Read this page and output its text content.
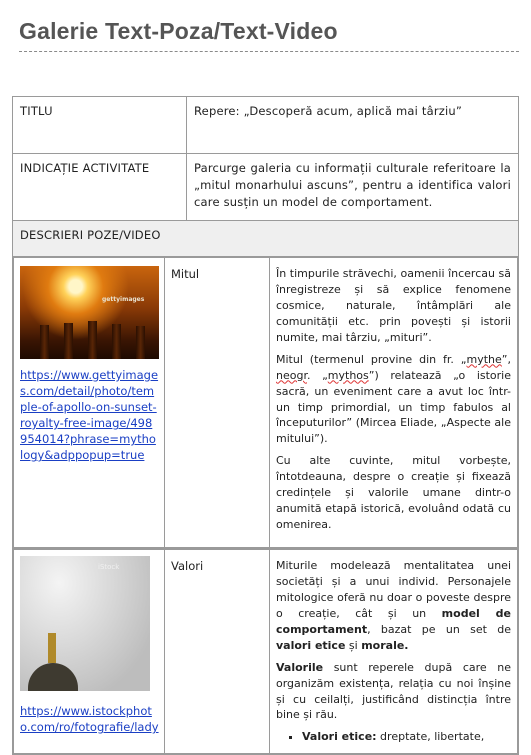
Galerie Text-Poza/Text-Video
TITLU	Repere: „Descoperă acum, aplică mai târziu”
INDICAȚIE ACTIVITATE	Parcurge galeria cu informații culturale referitoare la „mitul monarhului ascuns”, pentru a identifica valori care susțin un model de comportament.
DESCRIERI POZE/VIDEO

gettyimages
https://www.gettyimages.com/detail/photo/temple-of-apollo-on-sunset-royalty-free-image/498954014?phrase=mythology&adppopup=true
	Mitul	În timpurile străvechi, oamenii încercau să înregistreze și să explice fenomene cosmice, naturale, întâmplări ale comunității etc. prin povești și istorii numite, mai târziu, „mituri”.

Mitul (termenul provine din fr. „mythe”, neogr. „mythos”) relatează „o istorie sacră, un eveniment care a avut loc într-un timp primordial, un timp fabulos al începuturilor” (Mircea Eliade, „Aspecte ale mitului”).

Cu alte cuvinte, mitul vorbește, întotdeauna, despre o creație și fixează credințele și valorile umane dintr-o anumită etapă istorică, evoluând odată cu omenirea.

iStock
https://www.istockphoto.com/ro/fotografie/lady
	Valori	Miturile modelează mentalitatea unei societăți și a unui individ. Personajele mitologice oferă nu doar o poveste despre o creație, cât și un model de comportament, bazat pe un set de valori etice și morale.

Valorile sunt reperele după care ne organizăm existența, relația cu noi înșine și cu ceilalți, justificând distincția între bine și rău.

▪ Valori etice: dreptate, libertate,
